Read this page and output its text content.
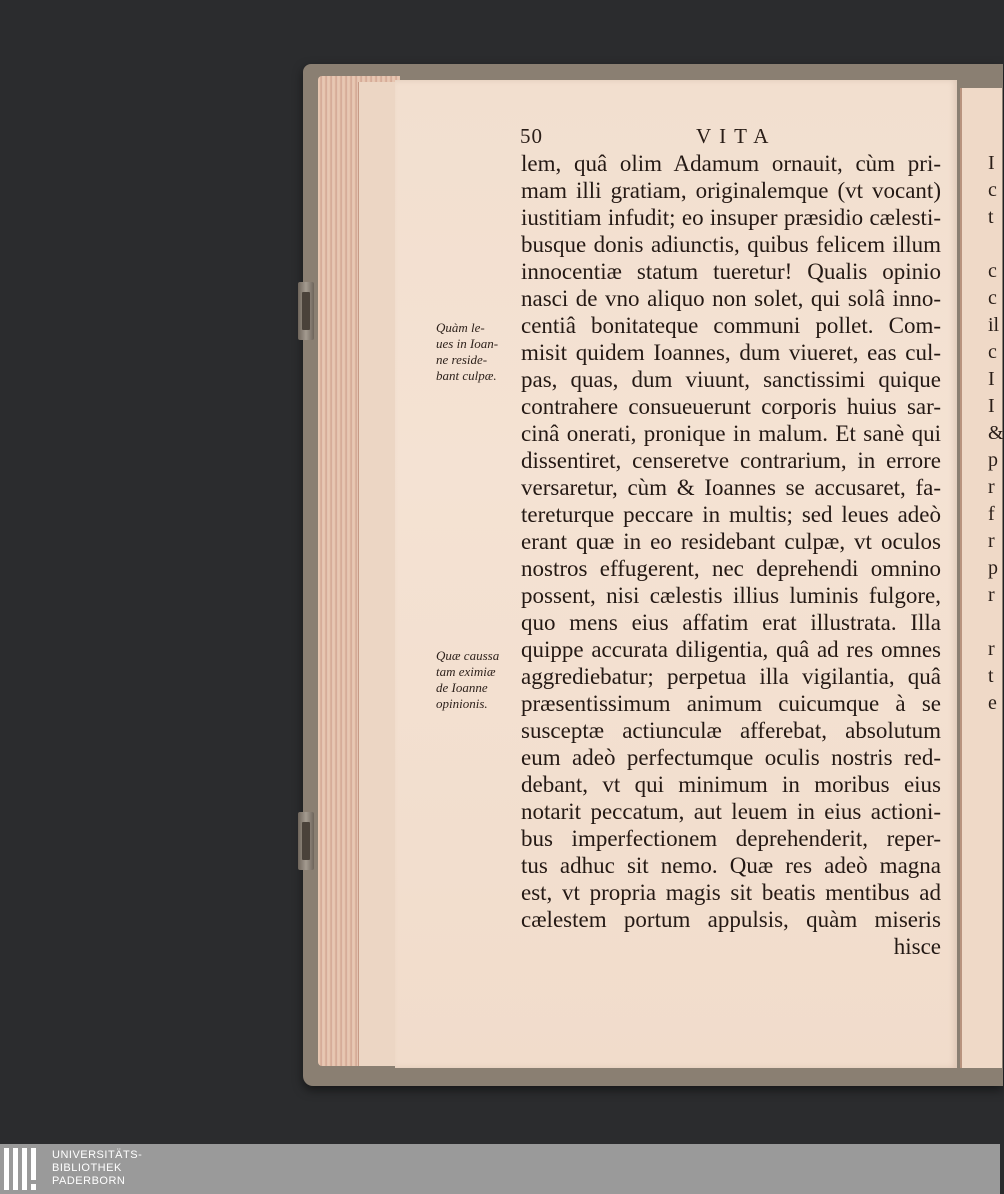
50	VITA
lem, quâ olim Adamum ornauit, cùm pri-
mam illi gratiam, originalemque (vt vocant)
iustitiam infudit; eo insuper præsidio cælesti-
busque donis adiunctis, quibus felicem illum
innocentiæ statum tueretur! Qualis opinio
nasci de vno aliquo non solet, qui solâ inno-
centiâ bonitateque communi pollet. Com-
misit quidem Ioannes, dum viueret, eas cul-
pas, quas, dum viuunt, sanctissimi quique
contrahere consueuerunt corporis huius sar-
cinâ onerati, pronique in malum. Et sanè qui
dissentiret, censeretve contrarium, in errore
versaretur, cùm & Ioannes se accusaret, fa-
tereturque peccare in multis; sed leues adeò
erant quæ in eo residebant culpæ, vt oculos
nostros effugerent, nec deprehendi omnino
possent, nisi cælestis illius luminis fulgore,
quo mens eius affatim erat illustrata. Illa
quippe accurata diligentia, quâ ad res omnes
aggrediebatur; perpetua illa vigilantia, quâ
præsentissimum animum cuicumque à se
susceptæ actiunculæ afferebat, absolutum
eum adeò perfectumque oculis nostris red-
debant, vt qui minimum in moribus eius
notarit peccatum, aut leuem in eius actioni-
bus imperfectionem deprehenderit, reper-
tus adhuc sit nemo. Quæ res adeò magna
est, vt propria magis sit beatis mentibus ad
cælestem portum appulsis, quàm miseris
hisce
Quàm le-
ues in Ioan-
ne reside-
bant culpæ.
Quæ caussa
tam eximiæ
de Ioanne
opinionis.
I
c
t
c
c
il
c
I
I
&
p
r
f
r
p
r
r
t
e
UNIVERSITÄTS-
BIBLIOTHEK
PADERBORN
